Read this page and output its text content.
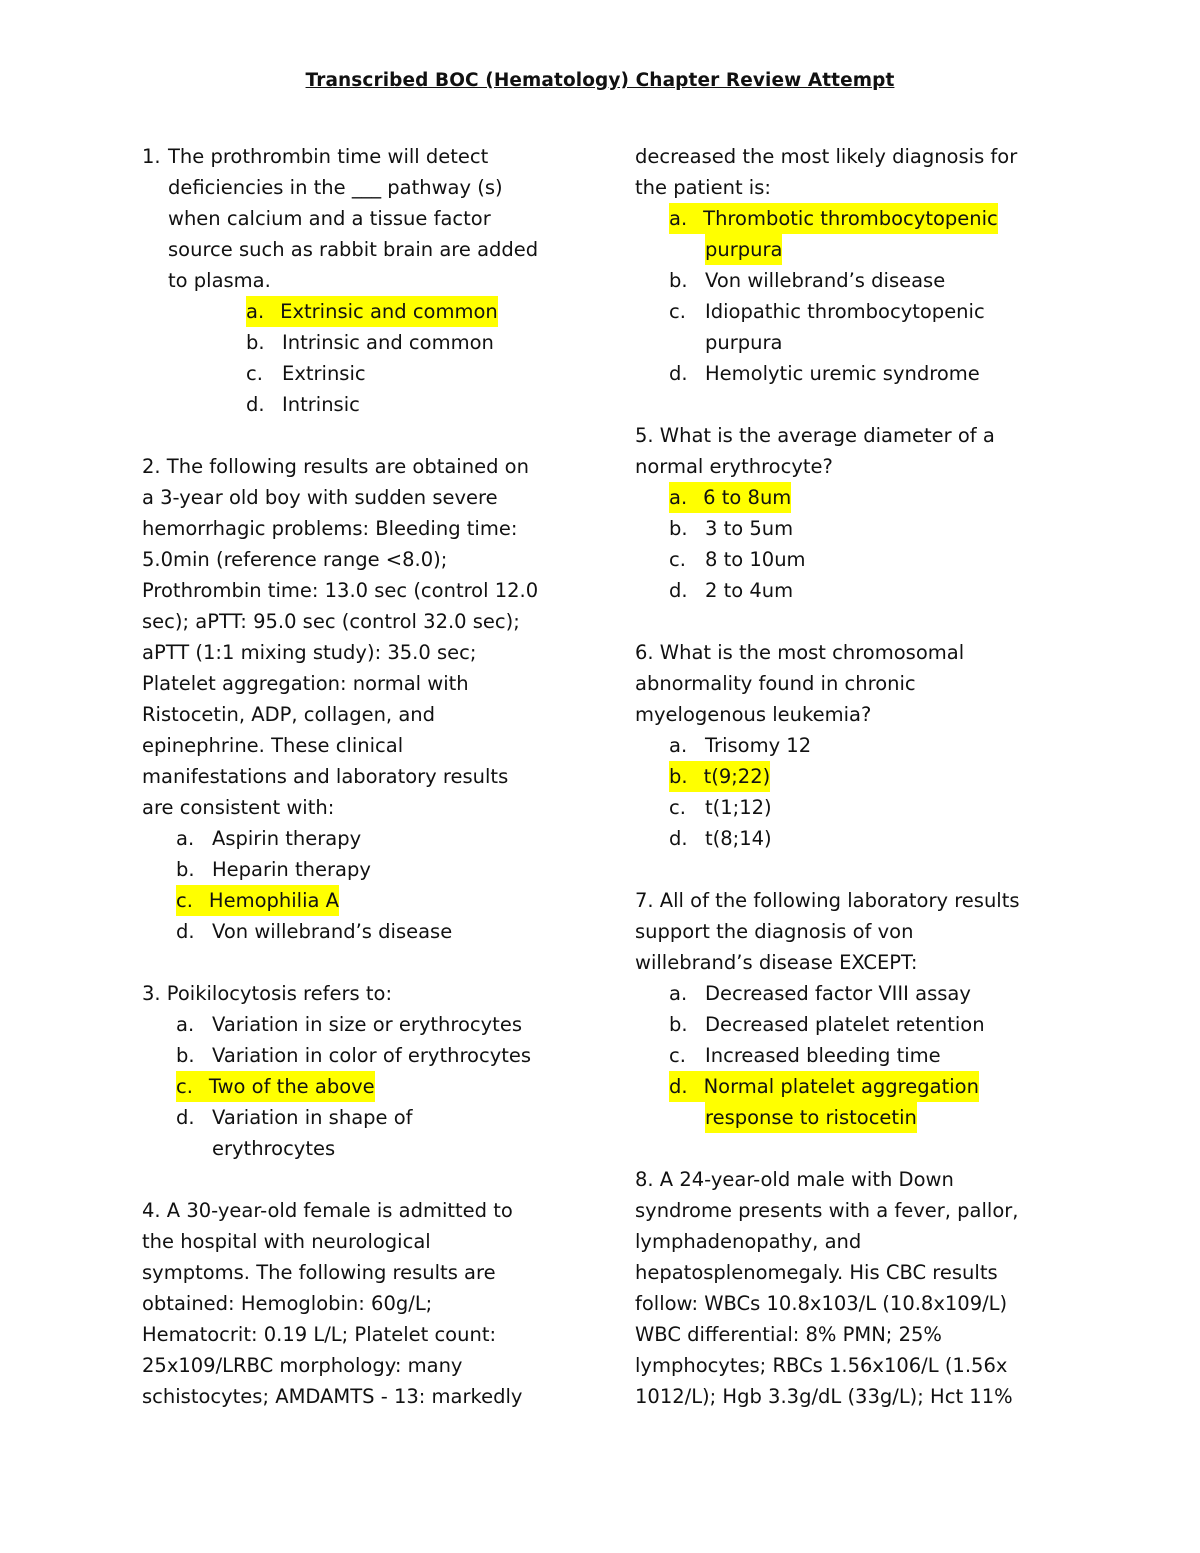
Transcribed BOC (Hematology) Chapter Review Attempt
1. The prothrombin time will detect
deficiencies in the ___ pathway (s)
when calcium and a tissue factor
source such as rabbit brain are added
to plasma.
a. Extrinsic and common
b. Intrinsic and common
c. Extrinsic
d. Intrinsic
2. The following results are obtained on
a 3-year old boy with sudden severe
hemorrhagic problems: Bleeding time:
5.0min (reference range <8.0);
Prothrombin time: 13.0 sec (control 12.0
sec); aPTT: 95.0 sec (control 32.0 sec);
aPTT (1:1 mixing study): 35.0 sec;
Platelet aggregation: normal with
Ristocetin, ADP, collagen, and
epinephrine. These clinical
manifestations and laboratory results
are consistent with:
a. Aspirin therapy
b. Heparin therapy
c. Hemophilia A
d. Von willebrand’s disease
3. Poikilocytosis refers to:
a. Variation in size or erythrocytes
b. Variation in color of erythrocytes
c. Two of the above
d. Variation in shape of
erythrocytes
4. A 30-year-old female is admitted to
the hospital with neurological
symptoms. The following results are
obtained: Hemoglobin: 60g/L;
Hematocrit: 0.19 L/L; Platelet count:
25x109/LRBC morphology: many
schistocytes; AMDAMTS - 13: markedly
decreased the most likely diagnosis for
the patient is:
a. Thrombotic thrombocytopenic
purpura
b. Von willebrand’s disease
c. Idiopathic thrombocytopenic
purpura
d. Hemolytic uremic syndrome
5. What is the average diameter of a
normal erythrocyte?
a. 6 to 8um
b. 3 to 5um
c. 8 to 10um
d. 2 to 4um
6. What is the most chromosomal
abnormality found in chronic
myelogenous leukemia?
a. Trisomy 12
b. t(9;22)
c. t(1;12)
d. t(8;14)
7. All of the following laboratory results
support the diagnosis of von
willebrand’s disease EXCEPT:
a. Decreased factor VIII assay
b. Decreased platelet retention
c. Increased bleeding time
d. Normal platelet aggregation
response to ristocetin
8. A 24-year-old male with Down
syndrome presents with a fever, pallor,
lymphadenopathy, and
hepatosplenomegaly. His CBC results
follow: WBCs 10.8x103/L (10.8x109/L)
WBC differential: 8% PMN; 25%
lymphocytes; RBCs 1.56x106/L (1.56x
1012/L); Hgb 3.3g/dL (33g/L); Hct 11%
